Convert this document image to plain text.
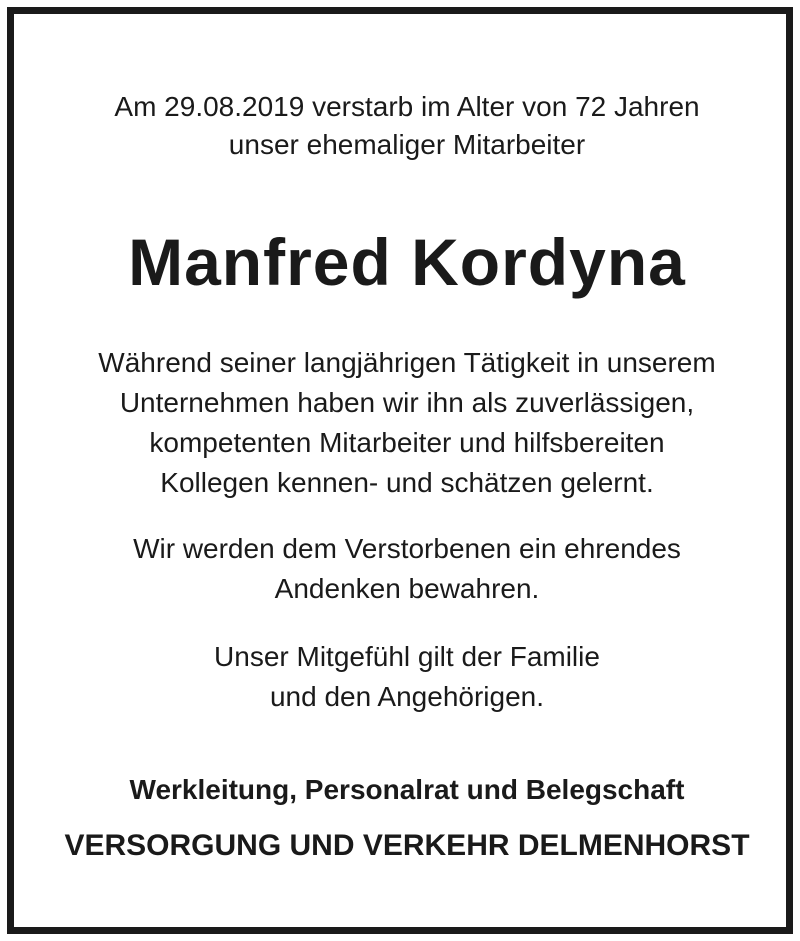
Am 29.08.2019 verstarb im Alter von 72 Jahren
unser ehemaliger Mitarbeiter
Manfred Kordyna
Während seiner langjährigen Tätigkeit in unserem
Unternehmen haben wir ihn als zuverlässigen,
kompetenten Mitarbeiter und hilfsbereiten
Kollegen kennen- und schätzen gelernt.
Wir werden dem Verstorbenen ein ehrendes
Andenken bewahren.
Unser Mitgefühl gilt der Familie
und den Angehörigen.
Werkleitung, Personalrat und Belegschaft
VERSORGUNG UND VERKEHR DELMENHORST
